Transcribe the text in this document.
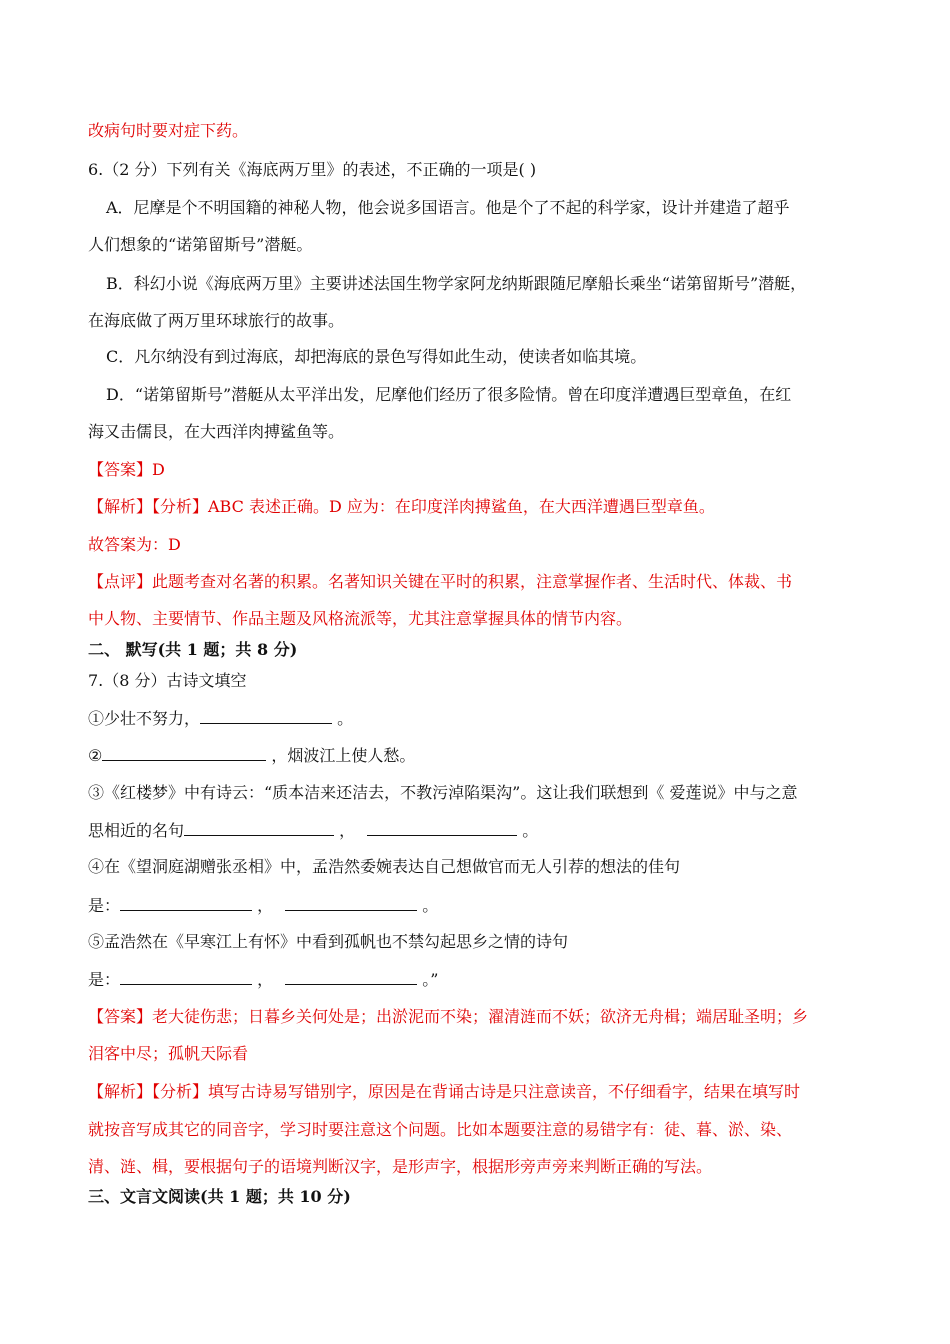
改病句时要对症下药。
6.（2 分）下列有关《海底两万里》的表述，不正确的一项是( )
A．尼摩是个不明国籍的神秘人物，他会说多国语言。他是个了不起的科学家，设计并建造了超乎
人们想象的“诺第留斯号”潜艇。
B．科幻小说《海底两万里》主要讲述法国生物学家阿龙纳斯跟随尼摩船长乘坐“诺第留斯号”潜艇，
在海底做了两万里环球旅行的故事。
C．凡尔纳没有到过海底，却把海底的景色写得如此生动，使读者如临其境。
D．“诺第留斯号”潜艇从太平洋出发，尼摩他们经历了很多险情。曾在印度洋遭遇巨型章鱼，在红
海又击儒艮，在大西洋肉搏鲨鱼等。
【答案】D
【解析】【分析】ABC 表述正确。D 应为：在印度洋肉搏鲨鱼，在大西洋遭遇巨型章鱼。
故答案为：D
【点评】此题考查对名著的积累。名著知识关键在平时的积累，注意掌握作者、生活时代、体裁、书
中人物、主要情节、作品主题及风格流派等，尤其注意掌握具体的情节内容。
二、 默写(共 1 题；共 8 分)
7.（8 分）古诗文填空
①少壮不努力，	。
②	，烟波江上使人愁。
③《红楼梦》中有诗云：“质本洁来还洁去，不教污淖陷渠沟”。这让我们联想到《 爱莲说》中与之意
思相近的名句	，	。
④在《望洞庭湖赠张丞相》中，孟浩然委婉表达自己想做官而无人引荐的想法的佳句
是：	，	。
⑤孟浩然在《早寒江上有怀》中看到孤帆也不禁勾起思乡之情的诗句
是：	，	。”
【答案】老大徒伤悲；日暮乡关何处是；出淤泥而不染；濯清涟而不妖；欲济无舟楫；端居耻圣明；乡
泪客中尽；孤帆天际看
【解析】【分析】填写古诗易写错别字，原因是在背诵古诗是只注意读音，不仔细看字，结果在填写时
就按音写成其它的同音字，学习时要注意这个问题。比如本题要注意的易错字有：徒、暮、淤、染、
清、涟、楫，要根据句子的语境判断汉字，是形声字，根据形旁声旁来判断正确的写法。
三、文言文阅读(共 1 题；共 10 分)
